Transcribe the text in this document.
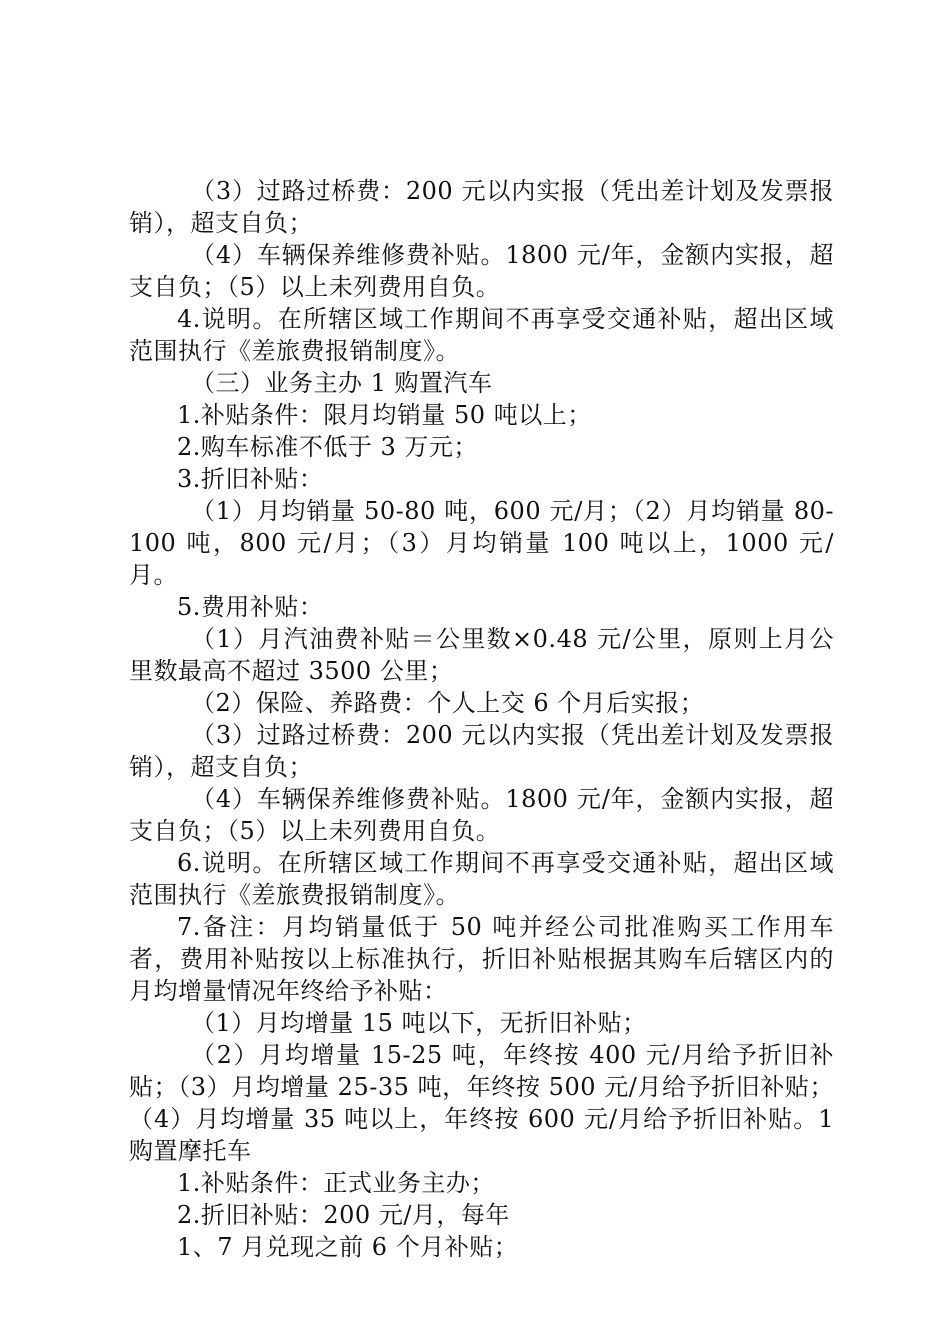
（3）过路过桥费：200 元以内实报（凭出差计划及发票报销），超支自负；

（4）车辆保养维修费补贴。1800 元/年，金额内实报，超支自负；（5）以上未列费用自负。

4.说明。在所辖区域工作期间不再享受交通补贴，超出区域范围执行《差旅费报销制度》。

（三）业务主办 1 购置汽车

1.补贴条件：限月均销量 50 吨以上；

2.购车标准不低于 3 万元；

3.折旧补贴：

（1）月均销量 50-80 吨，600 元/月；（2）月均销量 80-100 吨，800 元/月；（3）月均销量 100 吨以上，1000 元/月。

5.费用补贴：

（1）月汽油费补贴＝公里数×0.48 元/公里，原则上月公里数最高不超过 3500 公里；

（2）保险、养路费：个人上交 6 个月后实报；

（3）过路过桥费：200 元以内实报（凭出差计划及发票报销），超支自负；

（4）车辆保养维修费补贴。1800 元/年，金额内实报，超支自负；（5）以上未列费用自负。

6.说明。在所辖区域工作期间不再享受交通补贴，超出区域范围执行《差旅费报销制度》。

7.备注：月均销量低于 50 吨并经公司批准购买工作用车者，费用补贴按以上标准执行，折旧补贴根据其购车后辖区内的月均增量情况年终给予补贴：

（1）月均增量 15 吨以下，无折旧补贴；

（2）月均增量 15-25 吨，年终按 400 元/月给予折旧补贴；（3）月均增量 25-35 吨，年终按 500 元/月给予折旧补贴；（4）月均增量 35 吨以上，年终按 600 元/月给予折旧补贴。1 购置摩托车

1.补贴条件：正式业务主办；

2.折旧补贴：200 元/月，每年

1、7 月兑现之前 6 个月补贴；
